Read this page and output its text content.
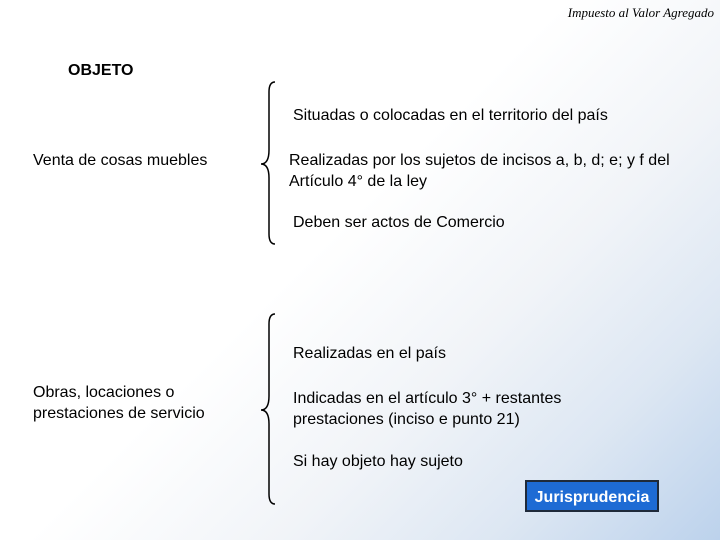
Impuesto al Valor Agregado
OBJETO
Venta de cosas muebles
Situadas o colocadas en el territorio del país
Realizadas por los sujetos de incisos a, b, d; e; y f del Artículo 4° de la ley
Deben ser actos de Comercio
Obras, locaciones o prestaciones de servicio
Realizadas en el país
Indicadas en el artículo 3° + restantes prestaciones (inciso e punto 21)
Si hay objeto hay sujeto
Jurisprudencia
